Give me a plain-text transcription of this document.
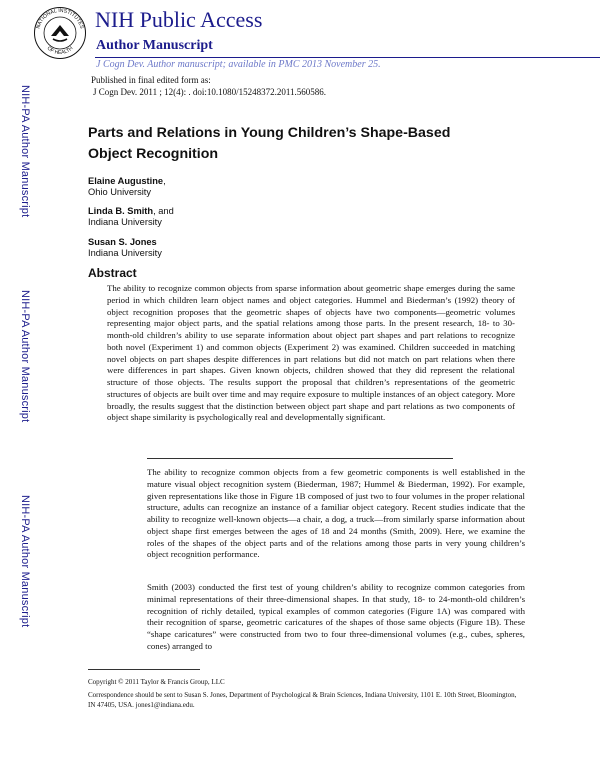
NATIONAL INSTITUTES
OF HEALTH
NIH Public Access
Author Manuscript
J Cogn Dev. Author manuscript; available in PMC 2013 November 25.
NIH-PA Author Manuscript
NIH-PA Author Manuscript
NIH-PA Author Manuscript
Published in final edited form as:
J Cogn Dev. 2011 ; 12(4): . doi:10.1080/15248372.2011.560586.
Parts and Relations in Young Children’s Shape-Based Object Recognition
Elaine Augustine,
Ohio University
Linda B. Smith, and
Indiana University
Susan S. Jones
Indiana University
Abstract
The ability to recognize common objects from sparse information about geometric shape emerges during the same period in which children learn object names and object categories. Hummel and Biederman’s (1992) theory of object recognition proposes that the geometric shapes of objects have two components—geometric volumes representing major object parts, and the spatial relations among those parts. In the present research, 18- to 30-month-old children’s ability to use separate information about object part shapes and part relations to recognize both novel (Experiment 1) and common objects (Experiment 2) was examined. Children succeeded in matching novel objects on part shapes despite differences in part relations but did not match on part relations when there were differences in part shapes. Given known objects, children showed that they did represent the relational structure of those objects. The results support the proposal that children’s representations of the geometric structures of objects are built over time and may require exposure to multiple instances of an object category. More broadly, the results suggest that the distinction between object part shape and part relations as two components of object shape similarity is psychologically real and developmentally significant.
The ability to recognize common objects from a few geometric components is well established in the mature visual object recognition system (Biederman, 1987; Hummel & Biederman, 1992). For example, given representations like those in Figure 1B composed of just two to four volumes in the proper relational structure, adults can recognize an instance of a familiar object category. Recent studies indicate that the ability to recognize well-known objects—a chair, a dog, a truck—from similarly sparse information about object shape first emerges between the ages of 18 and 24 months (Smith, 2009). Here, we examine the roles of the shapes of the object parts and of the relations among those parts in very young children’s object recognition performance.
Smith (2003) conducted the first test of young children’s ability to recognize common categories from minimal representations of their three-dimensional shapes. In that study, 18- to 24-month-old children’s recognition of richly detailed, typical examples of common categories (Figure 1A) was compared with their recognition of sparse, geometric caricatures of the shapes of those same objects (Figure 1B). These “shape caricatures” were constructed from two to four three-dimensional volumes (e.g., cubes, spheres, cones) arranged to
Copyright © 2011 Taylor & Francis Group, LLC
Correspondence should be sent to Susan S. Jones, Department of Psychological & Brain Sciences, Indiana University, 1101 E. 10th Street, Bloomington, IN 47405, USA. jones1@indiana.edu.
